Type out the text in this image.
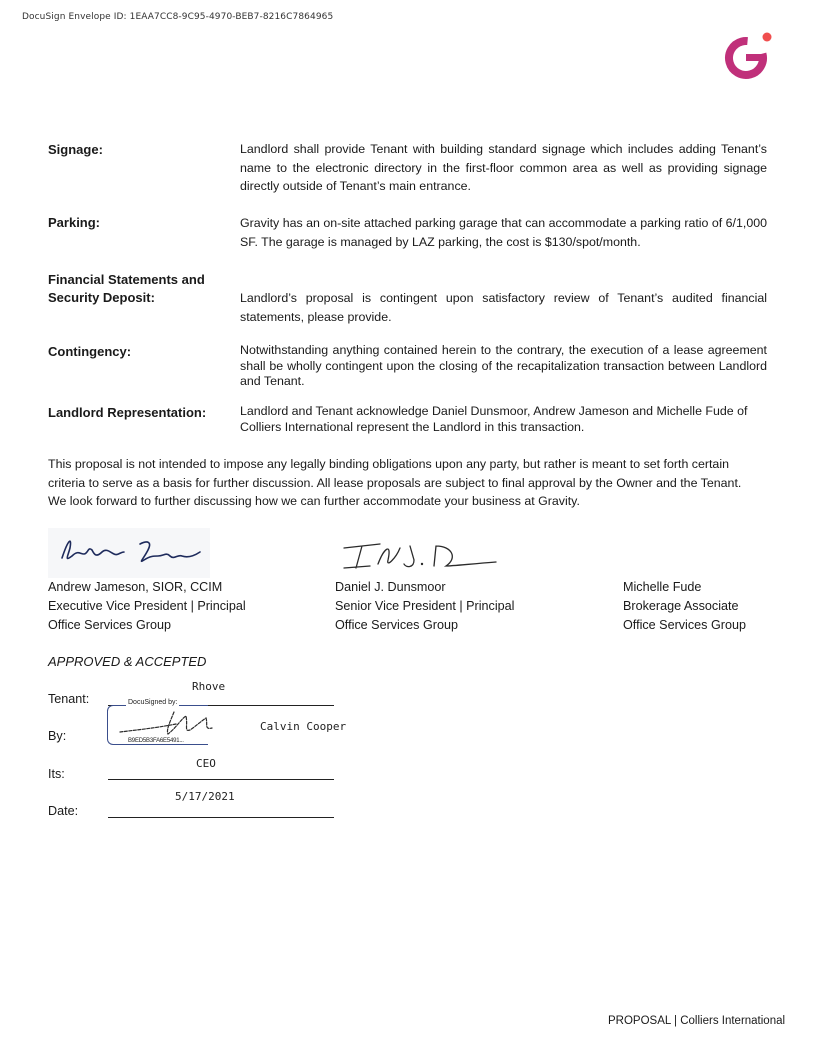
DocuSign Envelope ID: 1EAA7CC8-9C95-4970-BEB7-8216C7864965
Signage:	Landlord shall provide Tenant with building standard signage which includes adding Tenant’s name to the electronic directory in the first-floor common area as well as providing signage directly outside of Tenant’s main entrance.
Parking:	Gravity has an on-site attached parking garage that can accommodate a parking ratio of 6/1,000 SF. The garage is managed by LAZ parking, the cost is $130/spot/month.
Financial Statements and
Security Deposit:	Landlord’s proposal is contingent upon satisfactory review of Tenant’s audited financial statements, please provide.
Contingency:	Notwithstanding anything contained herein to the contrary, the execution of a lease agreement shall be wholly contingent upon the closing of the recapitalization transaction between Landlord and Tenant.
Landlord Representation:	Landlord and Tenant acknowledge Daniel Dunsmoor, Andrew Jameson and Michelle Fude of Colliers International represent the Landlord in this transaction.
This proposal is not intended to impose any legally binding obligations upon any party, but rather is meant to set forth certain criteria to serve as a basis for further discussion. All lease proposals are subject to final approval by the Owner and the Tenant. We look forward to further discussing how we can further accommodate your business at Gravity.
Andrew Jameson, SIOR, CCIM
Executive Vice President | Principal
Office Services Group
Daniel J. Dunsmoor
Senior Vice President | Principal
Office Services Group
Michelle Fude
Brokerage Associate
Office Services Group
APPROVED & ACCEPTED
Tenant:
Rhove
DocuSigned by:
B9ED5B3FA6E5491...
By:
Calvin Cooper
Its:
CEO
Date:
5/17/2021
PROPOSAL | Colliers International
